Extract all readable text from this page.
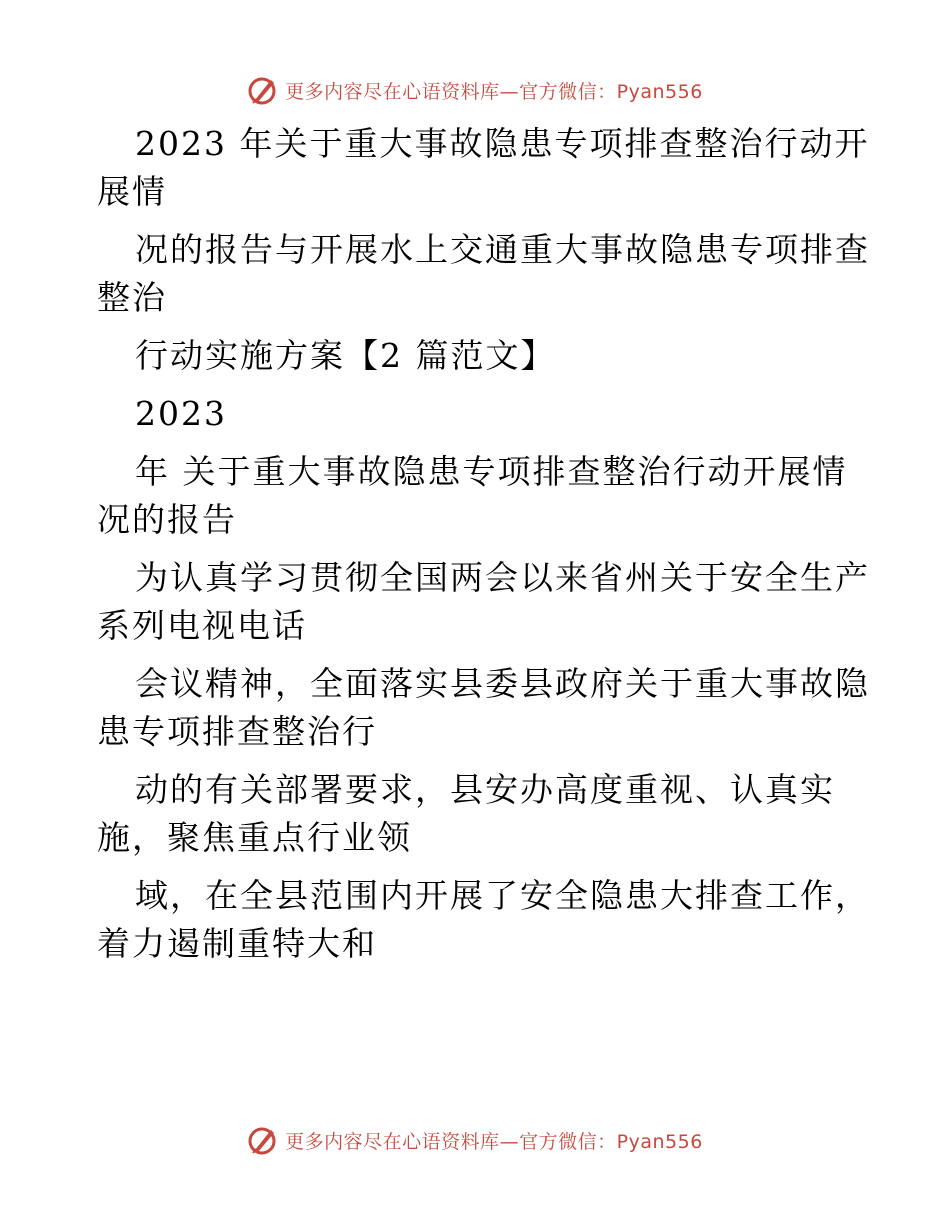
更多内容尽在心语资料库—官方微信：Pyan556

2023 年关于重大事故隐患专项排查整治行动开

展情

况的报告与开展水上交通重大事故隐患专项排查

整治

行动实施方案【2 篇范文】

2023

年 关于重大事故隐患专项排查整治行动开展情

况的报告

为认真学习贯彻全国两会以来省州关于安全生产

系列电视电话

会议精神，全面落实县委县政府关于重大事故隐

患专项排查整治行

动的有关部署要求，县安办高度重视、认真实

施，聚焦重点行业领

域，在全县范围内开展了安全隐患大排查工作，

着力遏制重特大和

更多内容尽在心语资料库—官方微信：Pyan556
